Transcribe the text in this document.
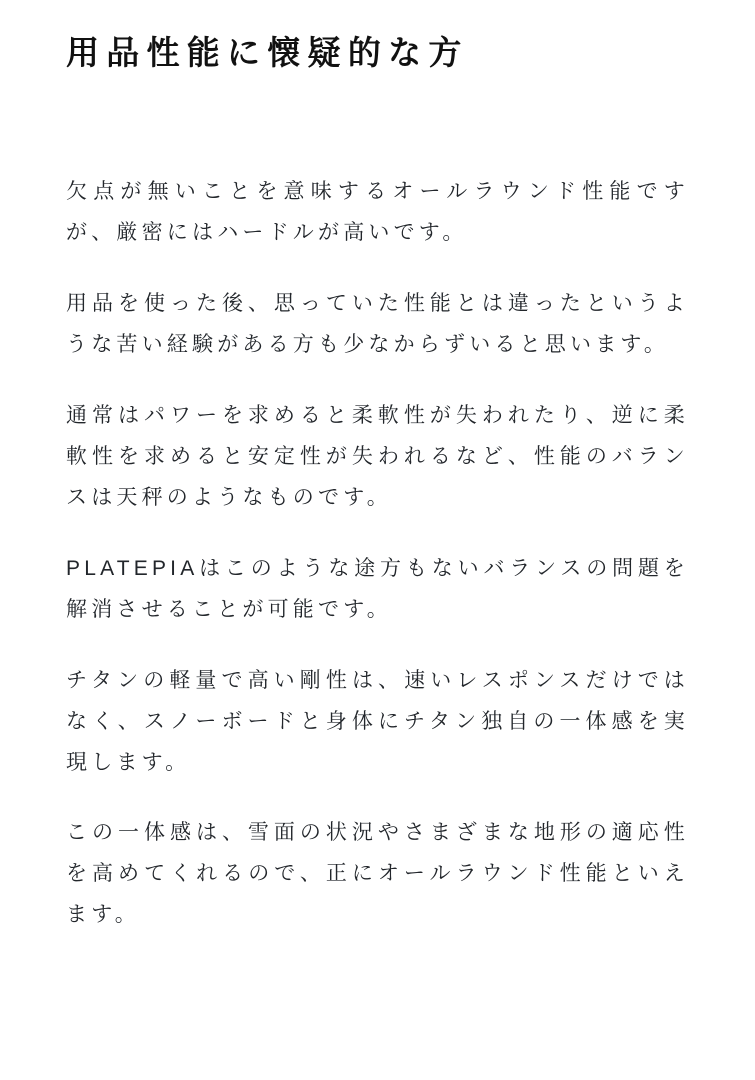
用品性能に懐疑的な方

欠点が無いことを意味するオールラウンド性能ですが、厳密にはハードルが高いです。

用品を使った後、思っていた性能とは違ったというような苦い経験がある方も少なからずいると思います。

通常はパワーを求めると柔軟性が失われたり、逆に柔軟性を求めると安定性が失われるなど、性能のバランスは天秤のようなものです。

PLATEPIAはこのような途方もないバランスの問題を解消させることが可能です。

チタンの軽量で高い剛性は、速いレスポンスだけではなく、スノーボードと身体にチタン独自の一体感を実現します。

この一体感は、雪面の状況やさまざまな地形の適応性を高めてくれるので、正にオールラウンド性能といえます。
